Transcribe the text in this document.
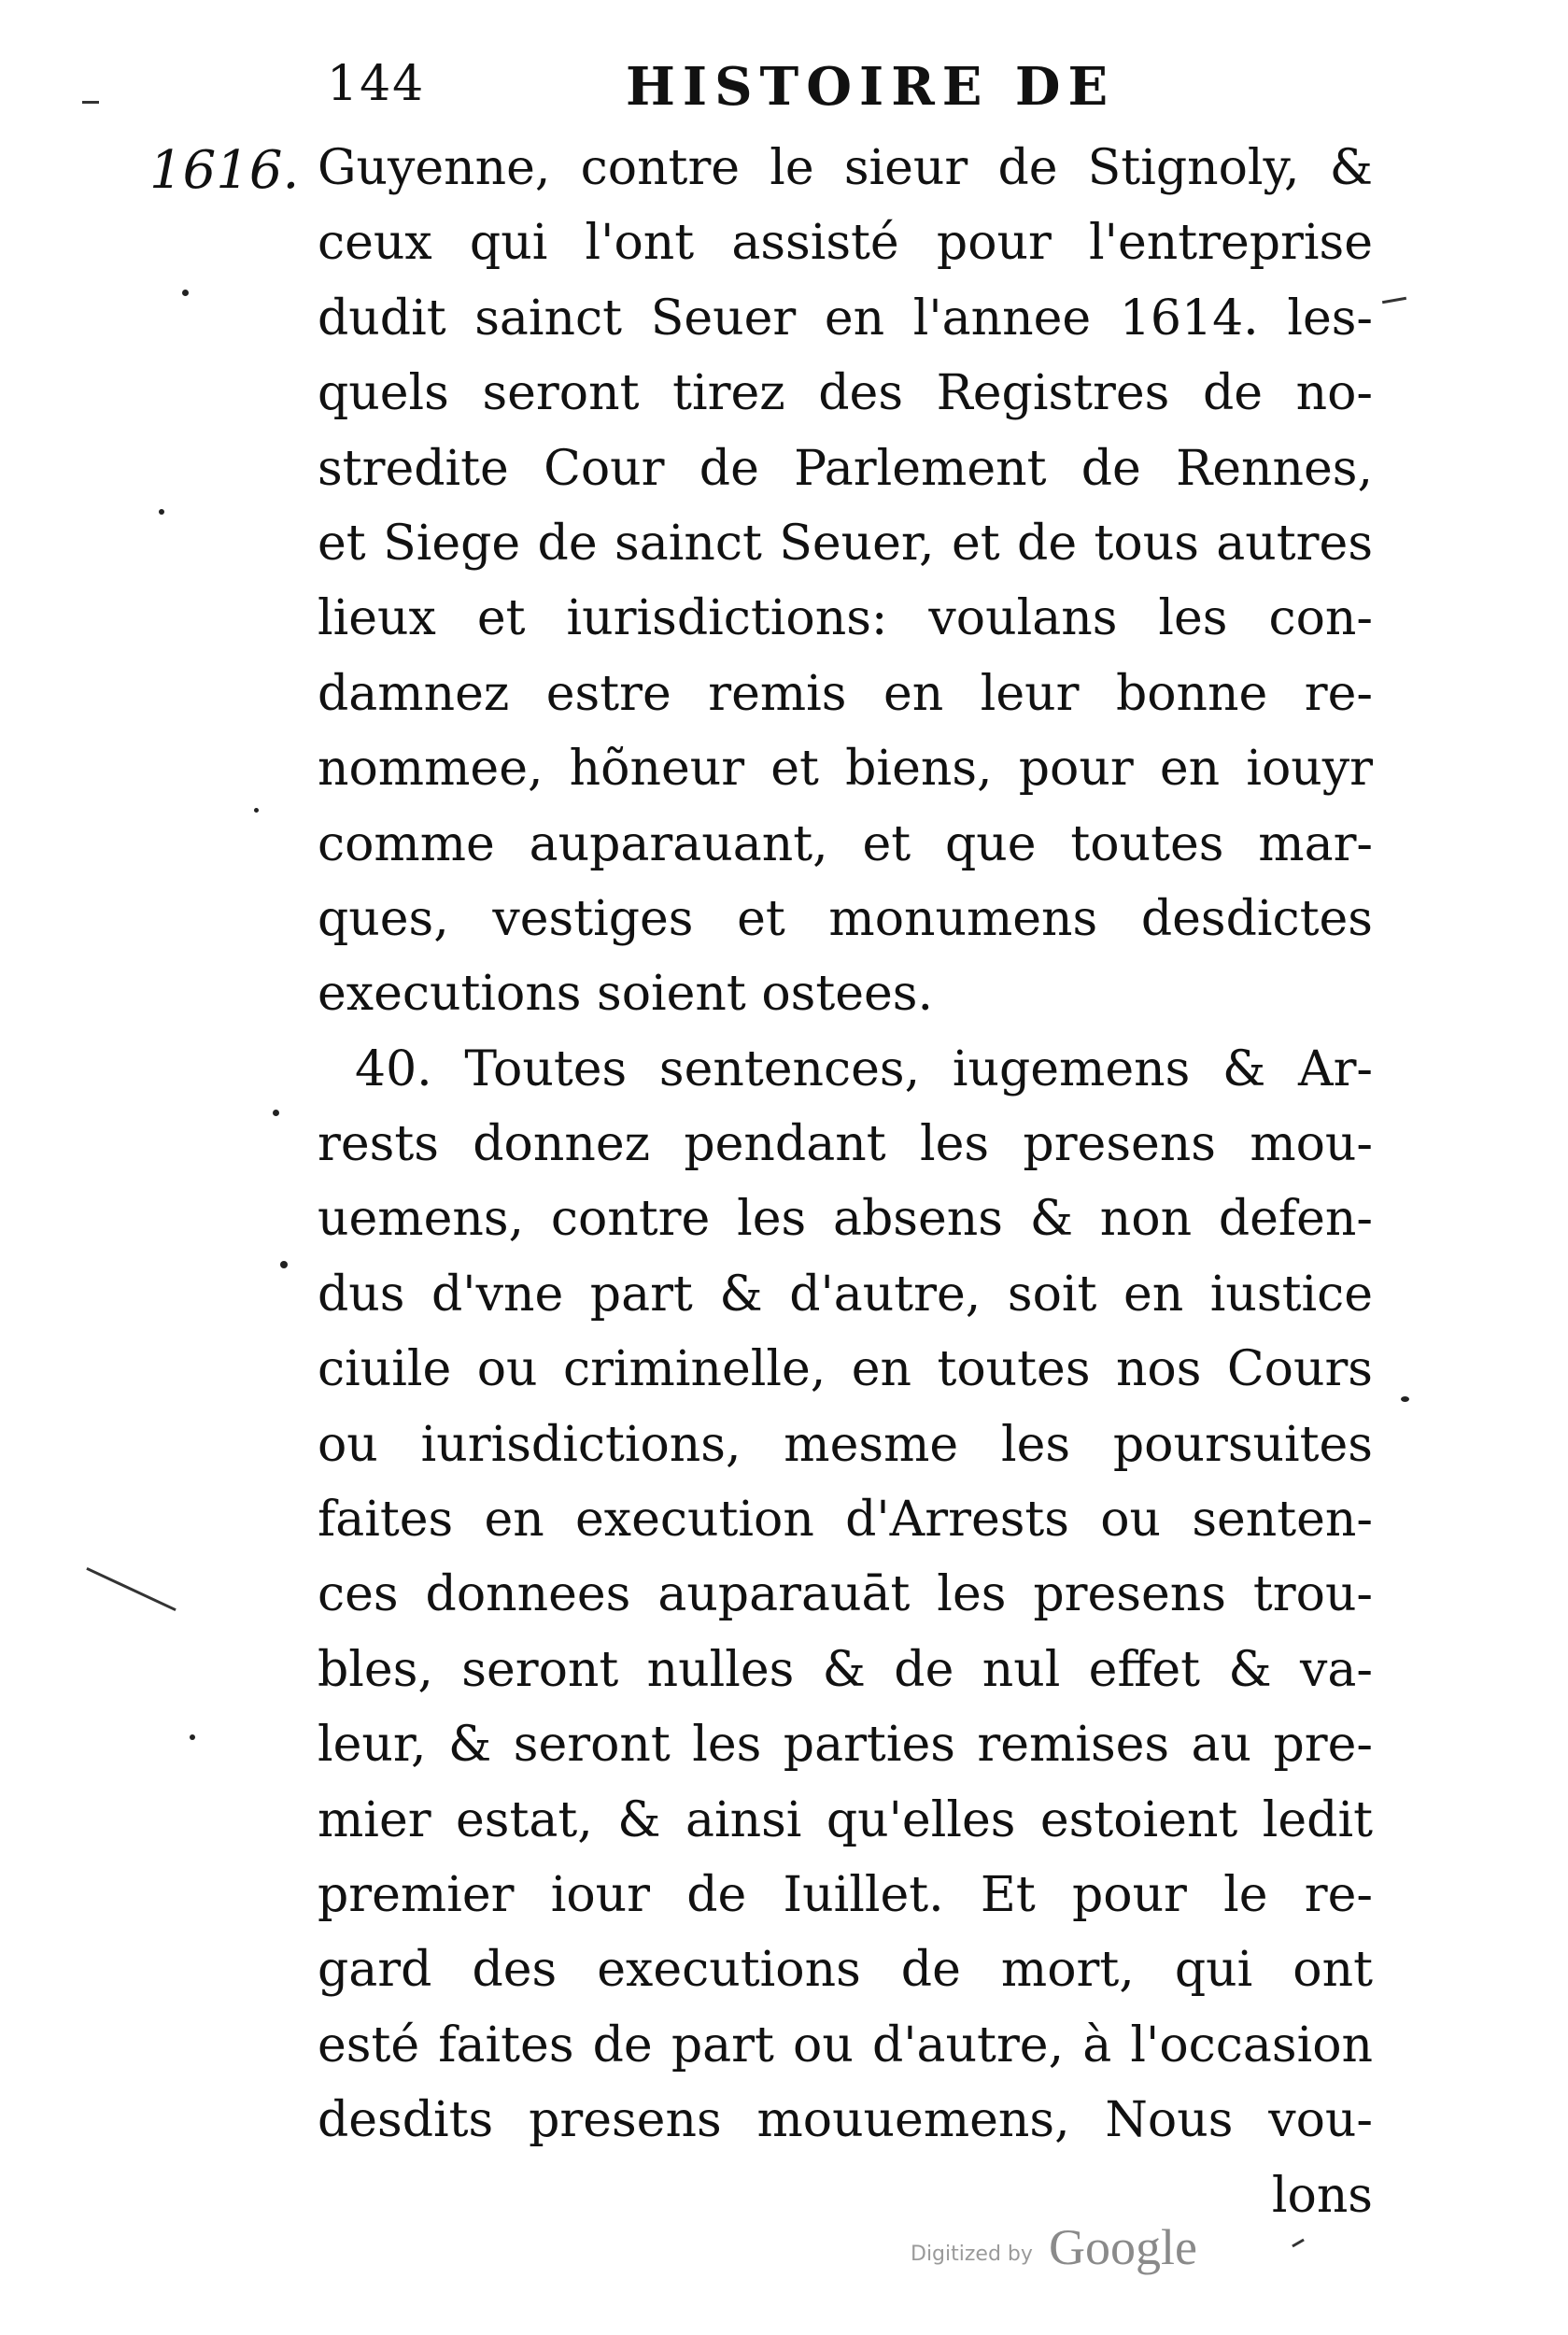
144	HISTOIRE DE
1616. Guyenne, contre le sieur de Stignoly, &
ceux qui l'ont assisté pour l'entreprise
dudit sainct Seuer en l'annee 1614. les-
quels seront tirez des Registres de no-
stredite Cour de Parlement de Rennes,
et Siege de sainct Seuer, et de tous autres
lieux et iurisdictions: voulans les con-
damnez estre remis en leur bonne re-
nommee, hõneur et biens, pour en iouyr
comme auparauant, et que toutes mar-
ques, vestiges et monumens desdictes
executions soient ostees.
40. Toutes sentences, iugemens & Ar-
rests donnez pendant les presens mou-
uemens, contre les absens & non defen-
dus d'vne part & d'autre, soit en iustice
ciuile ou criminelle, en toutes nos Cours
ou iurisdictions, mesme les poursuites
faites en execution d'Arrests ou senten-
ces donnees auparauāt les presens trou-
bles, seront nulles & de nul effet & va-
leur, & seront les parties remises au pre-
mier estat, & ainsi qu'elles estoient ledit
premier iour de Iuillet. Et pour le re-
gard des executions de mort, qui ont
esté faites de part ou d'autre, à l'occasion
desdits presens mouuemens, Nous vou-
lons
Digitized by Google
